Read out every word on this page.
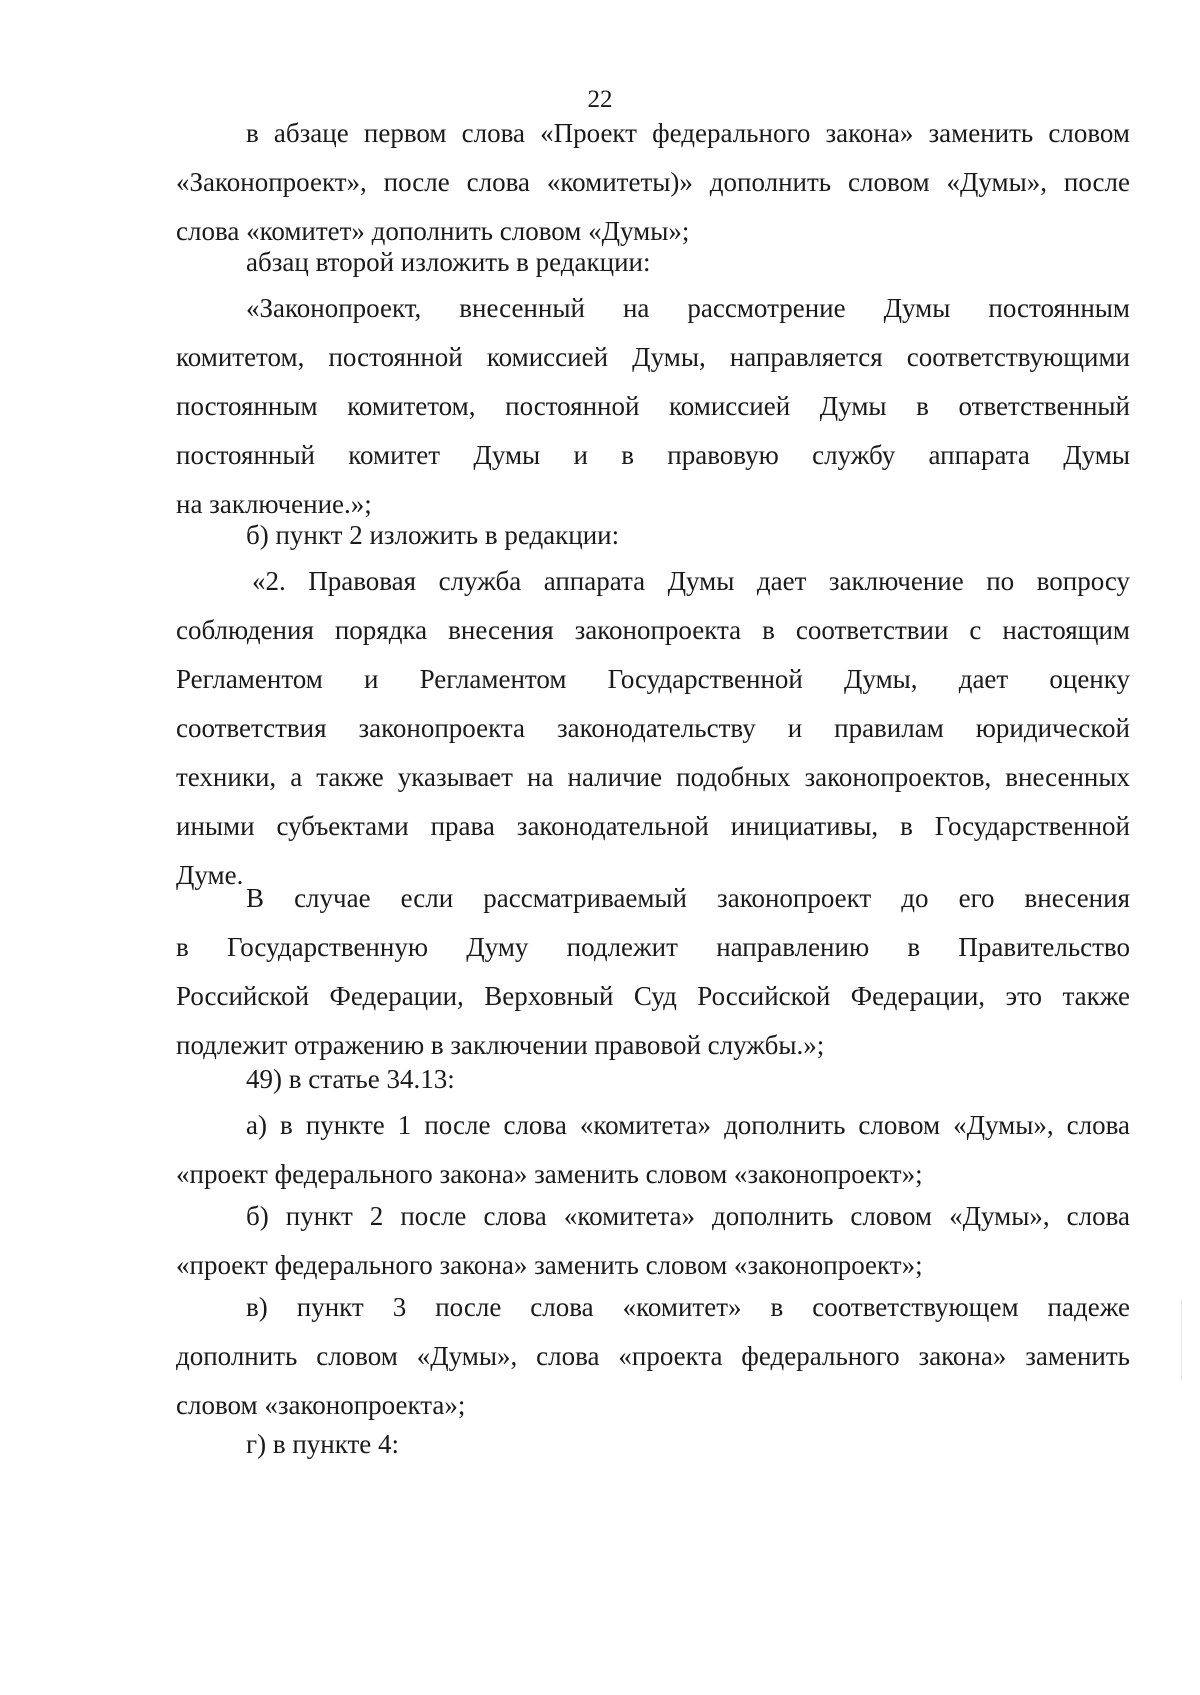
22
в абзаце первом слова «Проект федерального закона» заменить словом
«Законопроект», после слова «комитеты)» дополнить словом «Думы», после
слова «комитет» дополнить словом «Думы»;
абзац второй изложить в редакции:
«Законопроект, внесенный на рассмотрение Думы постоянным
комитетом, постоянной комиссией Думы, направляется соответствующими
постоянным комитетом, постоянной комиссией Думы в ответственный
постоянный комитет Думы и в правовую службу аппарата Думы
на заключение.»;
б) пункт 2 изложить в редакции:
«2. Правовая служба аппарата Думы дает заключение по вопросу
соблюдения порядка внесения законопроекта в соответствии с настоящим
Регламентом и Регламентом Государственной Думы, дает оценку
соответствия законопроекта законодательству и правилам юридической
техники, а также указывает на наличие подобных законопроектов, внесенных
иными субъектами права законодательной инициативы, в Государственной
Думе.
В случае если рассматриваемый законопроект до его внесения
в Государственную Думу подлежит направлению в Правительство
Российской Федерации, Верховный Суд Российской Федерации, это также
подлежит отражению в заключении правовой службы.»;
49) в статье 34.13:
а) в пункте 1 после слова «комитета» дополнить словом «Думы», слова
«проект федерального закона» заменить словом «законопроект»;
б) пункт 2 после слова «комитета» дополнить словом «Думы», слова
«проект федерального закона» заменить словом «законопроект»;
в) пункт 3 после слова «комитет» в соответствующем падеже
дополнить словом «Думы», слова «проекта федерального закона» заменить
словом «законопроекта»;
г) в пункте 4:
